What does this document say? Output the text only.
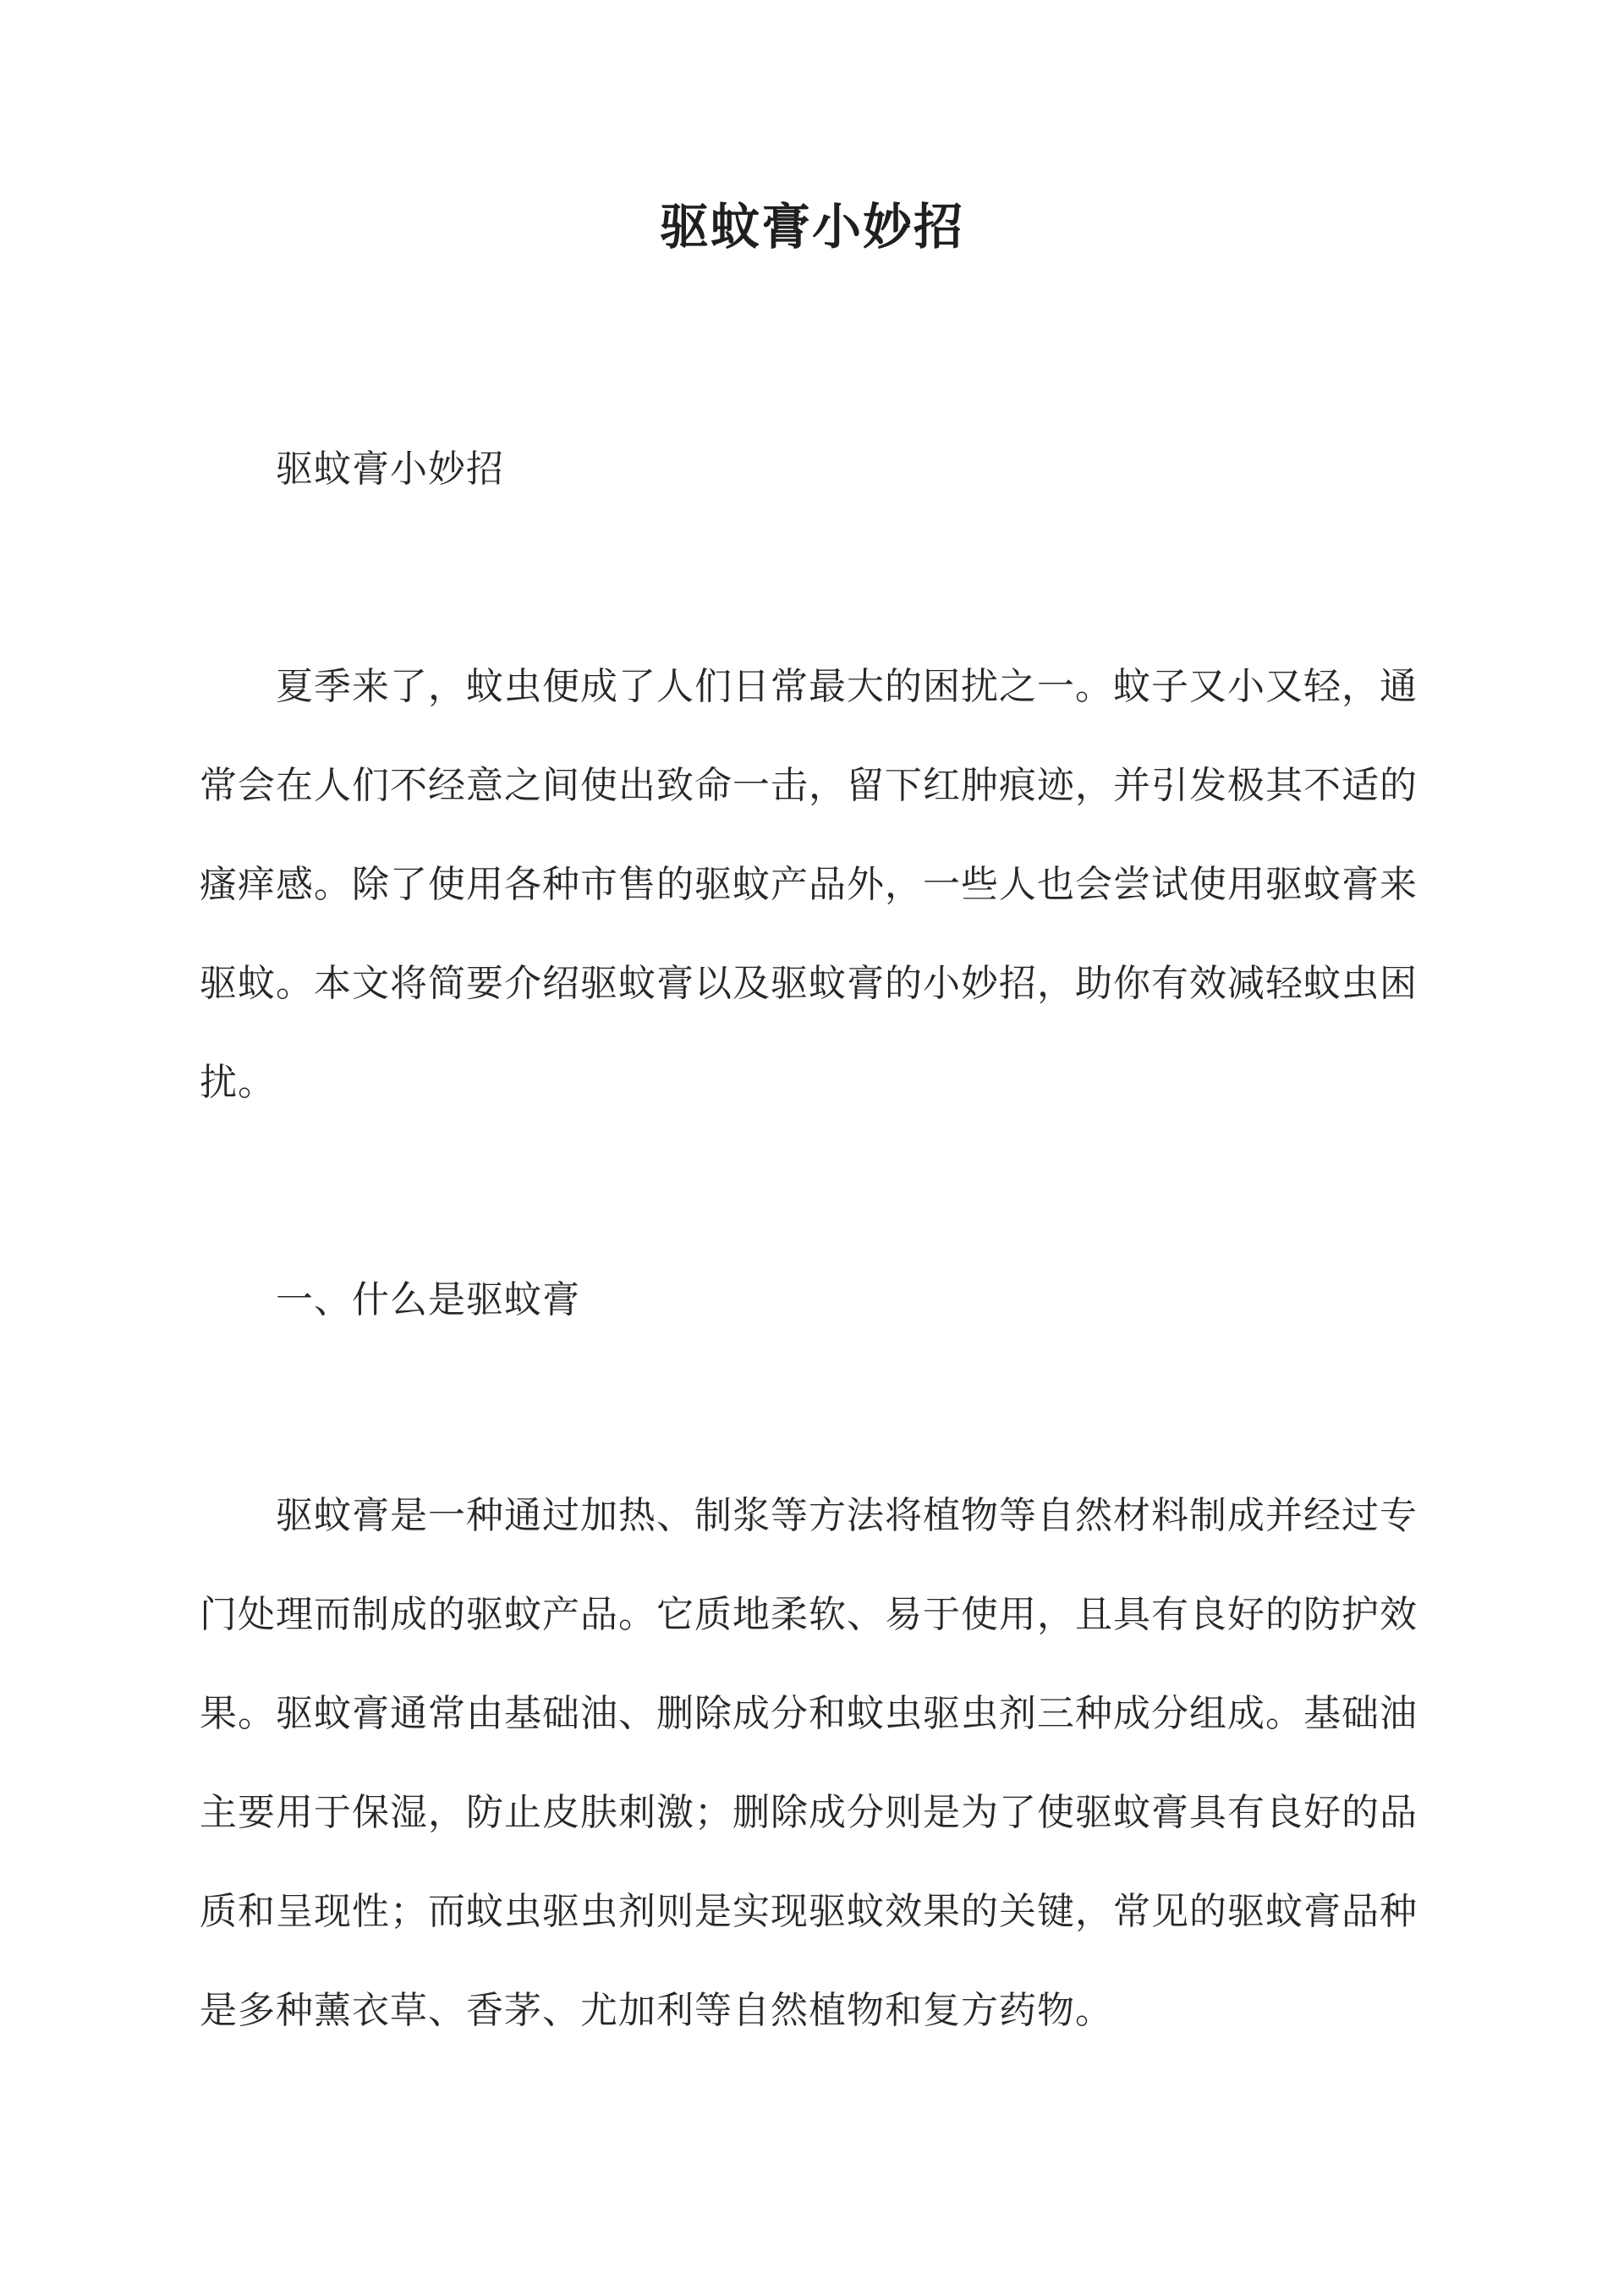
驱蚊膏小妙招
驱蚊膏小妙招
夏季来了，蚊虫便成了人们日常最大的困扰之一。蚊子又小又轻，通
常会在人们不经意之间使出致命一击，留下红肿痕迹，并引发极其不适的
瘙痒感。除了使用各种市售的驱蚊产品外，一些人也会尝试使用驱蚊膏来
驱蚊。本文将简要介绍驱蚊膏以及驱蚊膏的小妙招，助你有效减轻蚊虫困
扰。
一、什么是驱蚊膏
驱蚊膏是一种通过加热、制浆等方法将植物等自然材料制成并经过专
门处理而制成的驱蚊产品。它质地柔软、易于使用，且具有良好的防护效
果。驱蚊膏通常由基础油、删除成分和蚊虫驱虫剂三种成分组成。基础油
主要用于保湿，防止皮肤刺激；删除成分则是为了使驱蚊膏具有良好的品
质和呈现性；而蚊虫驱虫剂则是实现驱蚊效果的关键，常见的驱蚊膏品种
是多种薰衣草、香茅、尤加利等自然植物和复方药物。
